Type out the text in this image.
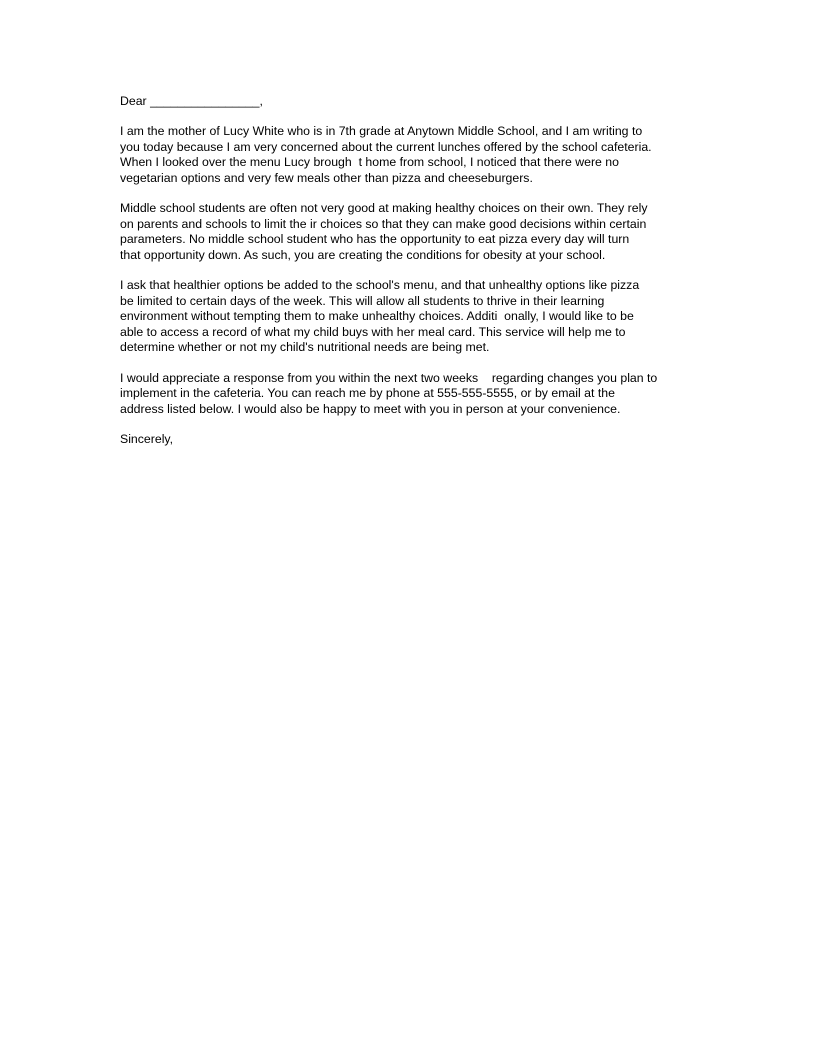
Dear ________________,
I am the mother of Lucy White who is in 7th grade at Anytown Middle School, and I am writing to
you today because I am very concerned about the current lunches offered by the school cafeteria.
When I looked over the menu Lucy brough  t home from school, I noticed that there were no
vegetarian options and very few meals other than pizza and cheeseburgers.
Middle school students are often not very good at making healthy choices on their own. They rely
on parents and schools to limit the ir choices so that they can make good decisions within certain
parameters. No middle school student who has the opportunity to eat pizza every day will turn
that opportunity down. As such, you are creating the conditions for obesity at your school.
I ask that healthier options be added to the school's menu, and that unhealthy options like pizza
be limited to certain days of the week. This will allow all students to thrive in their learning
environment without tempting them to make unhealthy choices. Additi  onally, I would like to be
able to access a record of what my child buys with her meal card. This service will help me to
determine whether or not my child's nutritional needs are being met.
I would appreciate a response from you within the next two weeks    regarding changes you plan to
implement in the cafeteria. You can reach me by phone at 555-555-5555, or by email at the
address listed below. I would also be happy to meet with you in person at your convenience.
Sincerely,
